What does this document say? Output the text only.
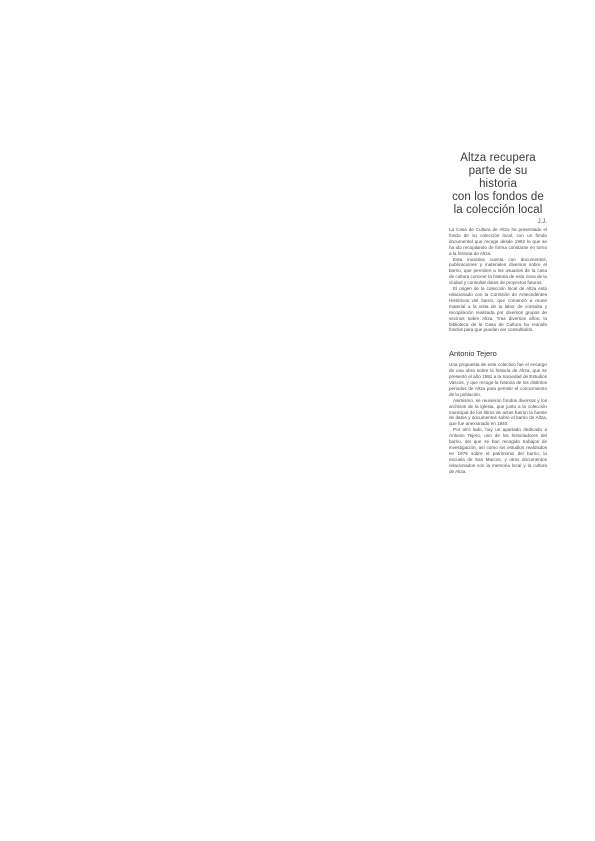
Altza recupera
parte de su historia
con los fondos de
la colección local
J.J.

La Casa de Cultura de Altza ha presentado el fondo de su colección local, con un fondo documental que recoge desde 1992 lo que se ha ido recopilando de forma constante en torno a la historia de Altza.

Esta iniciativa cuenta con documentos, publicaciones y materiales diversos sobre el barrio, que permiten a los usuarios de la casa de cultura conocer la historia de esta zona de la ciudad y consultar datos de proyectos futuros.

El origen de la colección local de Altza está relacionado con la Comisión de Antecedentes Históricos del barrio, que comenzó a reunir material a la vista de la labor de consulta y recopilación realizada por diversos grupos de vecinos sobre Altza. Tras diversos años, la biblioteca de la Casa de Cultura ha reunido fondos para que puedan ser consultados.

Antonio Tejero

Una propuesta de este colectivo fue el encargo de una obra sobre la historia de Altza, que se presentó el año 1991 a la Sociedad de Estudios Vascos, y que recoge la historia de los distintos periodos de Altza para permitir el conocimiento de la población.

Asimismo, se reunieron fondos diversos y los archivos de la iglesia, que junto a la colección municipal de los libros de actas fueron la fuente de datos y documentos sobre el barrio de Altza, que fue anexionado en 1940.

Por otro lado, hay un apartado dedicado a Antonio Tejero, uno de los historiadores del barrio, del que se han recogido trabajos de investigación, así como los estudios realizados en 1979 sobre el patrimonio del barrio, la escuela de San Marcos, y otros documentos relacionados con la memoria local y la cultura de Altza.
